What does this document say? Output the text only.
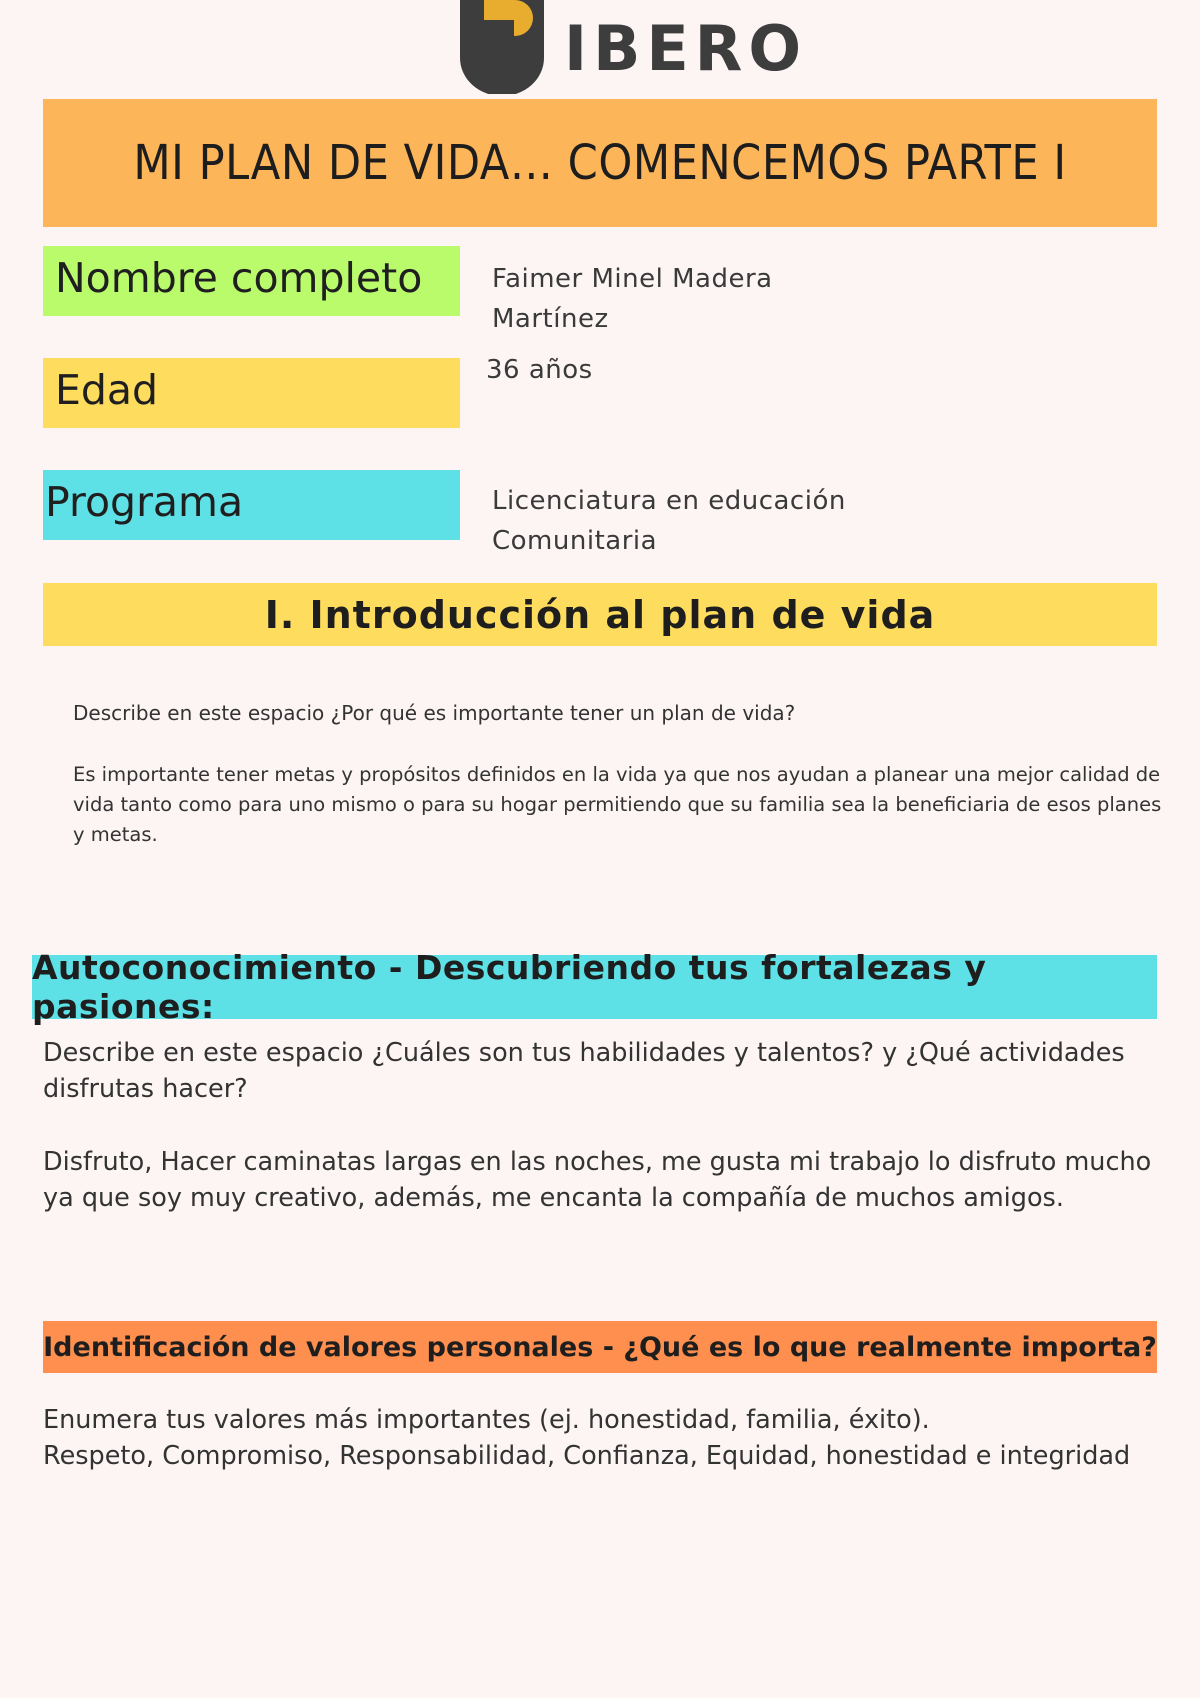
IBERO
MI PLAN DE VIDA… COMENCEMOS PARTE I
Nombre completo	Faimer Minel Madera Martínez
Edad	36 años
Programa	Licenciatura en educación Comunitaria
I. Introducción al plan de vida
Describe en este espacio ¿Por qué es importante tener un plan de vida?
Es importante tener metas y propósitos definidos en la vida ya que nos ayudan a planear una mejor calidad de vida tanto como para uno mismo o para su hogar permitiendo que su familia sea la beneficiaria de esos planes y metas.
Autoconocimiento - Descubriendo tus fortalezas y pasiones:
Describe en este espacio ¿Cuáles son tus habilidades y talentos? y ¿Qué actividades disfrutas hacer?
Disfruto, Hacer caminatas largas en las noches, me gusta mi trabajo lo disfruto mucho ya que soy muy creativo, además, me encanta la compañía de muchos amigos.
Identificación de valores personales - ¿Qué es lo que realmente importa?
Enumera tus valores más importantes (ej. honestidad, familia, éxito).
Respeto, Compromiso, Responsabilidad, Confianza, Equidad, honestidad e integridad
